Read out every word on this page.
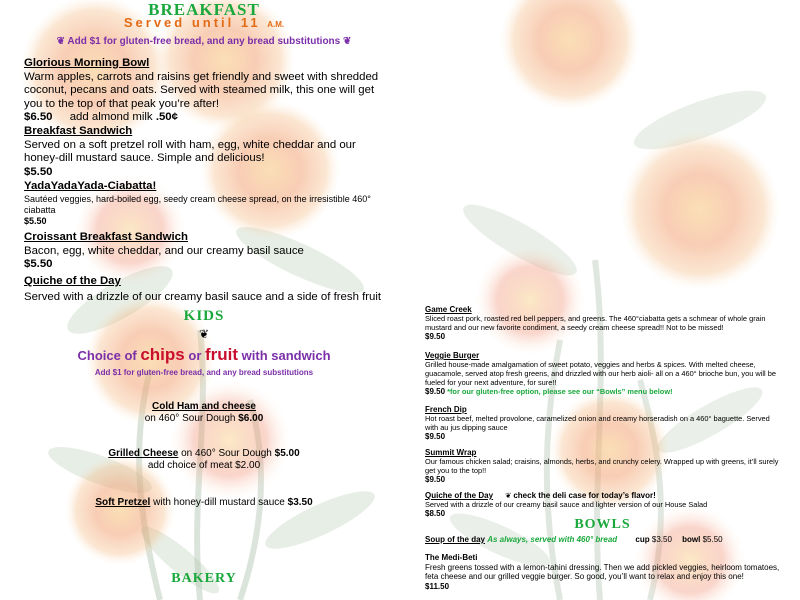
BREAKFAST
Served until 11 A.M.
❦ Add $1 for gluten-free bread, and any bread substitutions ❦
Glorious Morning Bowl
Warm apples, carrots and raisins get friendly and sweet with shredded coconut, pecans and oats. Served with steamed milk, this one will get you to the top of that peak you’re after!
$6.50 add almond milk .50¢
Breakfast Sandwich
Served on a soft pretzel roll with ham, egg, white cheddar and our honey-dill mustard sauce. Simple and delicious!
$5.50
YadaYadaYada-Ciabatta!
Sautéed veggies, hard-boiled egg, seedy cream cheese spread, on the irresistible 460° ciabatta
$5.50
Croissant Breakfast Sandwich
Bacon, egg, white cheddar, and our creamy basil sauce
$5.50
Quiche of the Day
Served with a drizzle of our creamy basil sauce and a side of fresh fruit
KIDS
❦
Choice of chips or fruit with sandwich
Add $1 for gluten-free bread, and any bread substitutions
Cold Ham and cheese
on 460° Sour Dough $6.00
Grilled Cheese on 460° Sour Dough $5.00
add choice of meat $2.00
Soft Pretzel with honey-dill mustard sauce $3.50
BAKERY
Game Creek
Sliced roast pork, roasted red bell peppers, and greens. The 460°ciabatta gets a schmear of whole grain mustard and our new favorite condiment, a seedy cream cheese spread!! Not to be missed!
$9.50
Veggie Burger
Grilled house-made amalgamation of sweet potato, veggies and herbs & spices. With melted cheese, guacamole, served atop fresh greens, and drizzled with our herb aioli- all on a 460° brioche bun, you will be fueled for your next adventure, for sure!!
$9.50 *for our gluten-free option, please see our “Bowls” menu below!
French Dip
Hot roast beef, melted provolone, caramelized onion and creamy horseradish on a 460° baguette. Served with au jus dipping sauce
$9.50
Summit Wrap
Our famous chicken salad; craisins, almonds, herbs, and crunchy celery. Wrapped up with greens, it’ll surely get you to the top!!
$9.50
Quiche of the Day ❦ check the deli case for today’s flavor!
Served with a drizzle of our creamy basil sauce and lighter version of our House Salad
$8.50
BOWLS
Soup of the day As always, served with 460° bread cup $3.50 bowl $5.50
The Medi-Beti
Fresh greens tossed with a lemon-tahini dressing. Then we add pickled veggies, heirloom tomatoes, feta cheese and our grilled veggie burger. So good, you’ll want to relax and enjoy this one!
$11.50
